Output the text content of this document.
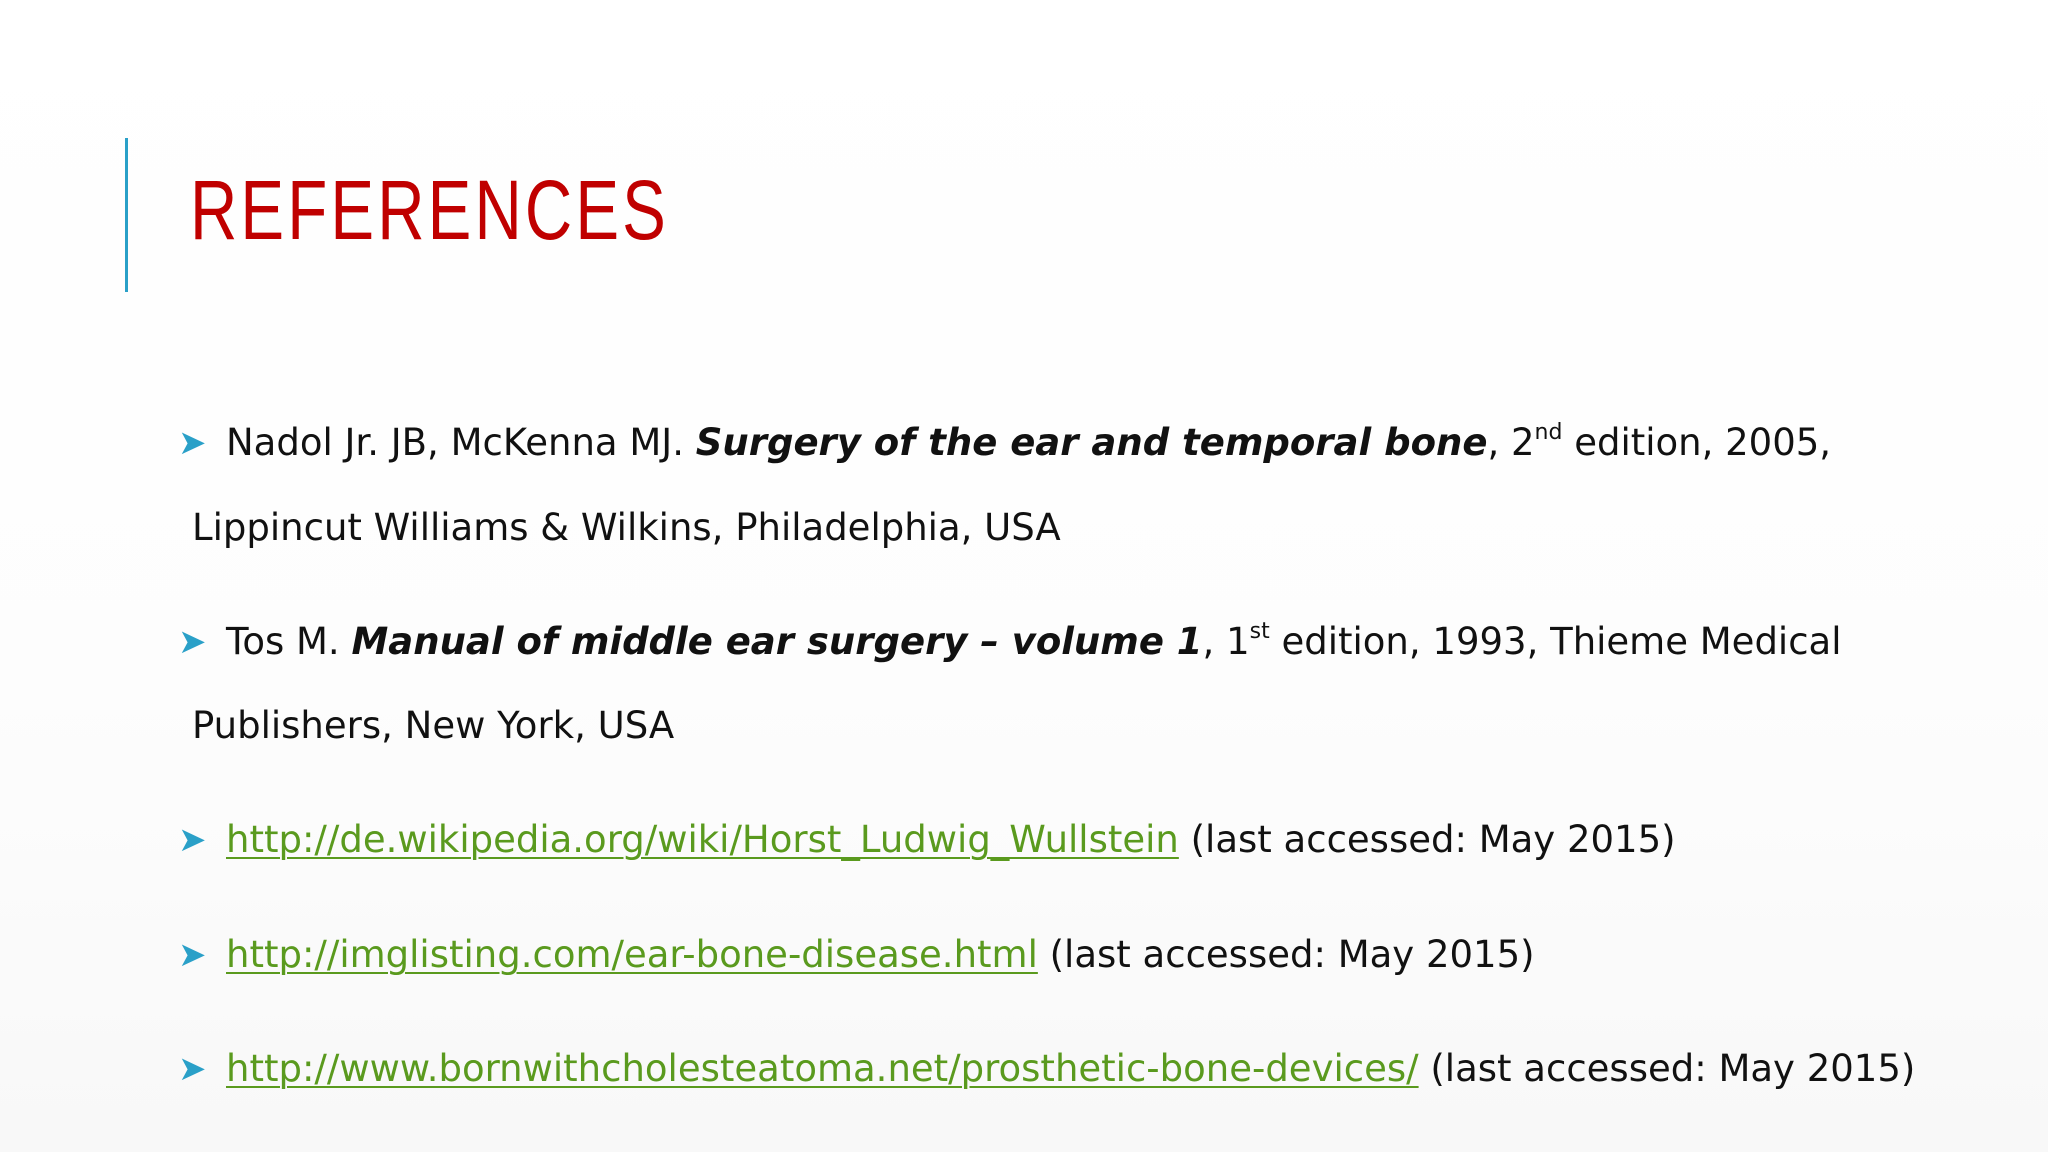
REFERENCES
➤ Nadol Jr. JB, McKenna MJ. Surgery of the ear and temporal bone, 2nd edition, 2005,
Lippincut Williams & Wilkins, Philadelphia, USA
➤ Tos M. Manual of middle ear surgery – volume 1, 1st edition, 1993, Thieme Medical
Publishers, New York, USA
➤ http://de.wikipedia.org/wiki/Horst_Ludwig_Wullstein (last accessed: May 2015)
➤ http://imglisting.com/ear-bone-disease.html (last accessed: May 2015)
➤ http://www.bornwithcholesteatoma.net/prosthetic-bone-devices/ (last accessed: May 2015)
